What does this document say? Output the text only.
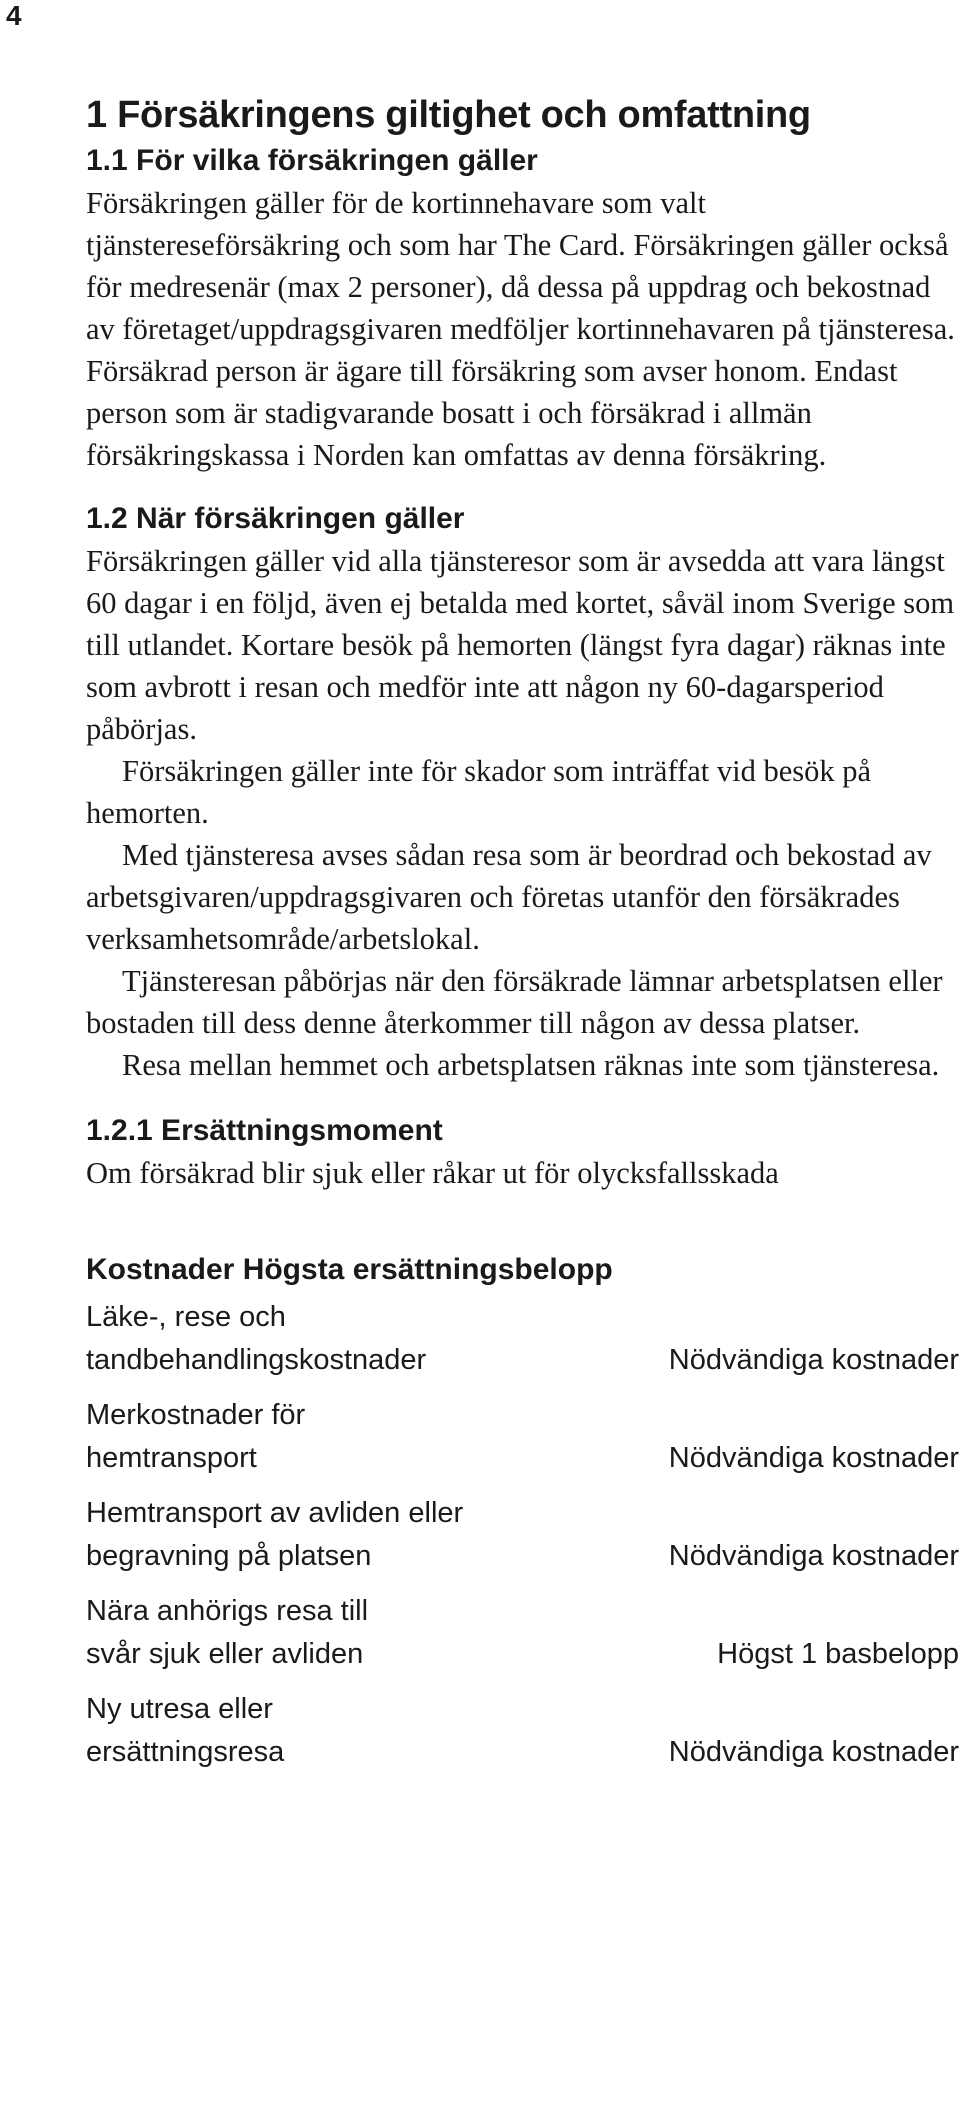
4
1 Försäkringens giltighet och omfattning
1.1 För vilka försäkringen gäller

Försäkringen gäller för de kortinnehavare som valt tjänstereseförsäkring och som har The Card. Försäkringen gäller också för medresenär (max 2 personer), då dessa på uppdrag och bekostnad av företaget/uppdragsgivaren medföljer kortinnehavaren på tjänsteresa. Försäkrad person är ägare till försäkring som avser honom. Endast person som är stadigvarande bosatt i och försäkrad i allmän försäkringskassa i Norden kan omfattas av denna försäkring.

1.2 När försäkringen gäller

Försäkringen gäller vid alla tjänsteresor som är avsedda att vara längst 60 dagar i en följd, även ej betalda med kortet, såväl inom Sverige som till utlandet. Kortare besök på hemorten (längst fyra dagar) räknas inte som avbrott i resan och medför inte att någon ny 60-dagarsperiod påbörjas.

Försäkringen gäller inte för skador som inträffat vid besök på hemorten.

Med tjänsteresa avses sådan resa som är beordrad och bekostad av arbetsgivaren/uppdragsgivaren och företas utanför den försäkrades verksamhetsområde/arbetslokal.

Tjänsteresan påbörjas när den försäkrade lämnar arbetsplatsen eller bostaden till dess denne återkommer till någon av dessa platser.

Resa mellan hemmet och arbetsplatsen räknas inte som tjänsteresa.

1.2.1 Ersättningsmoment

Om försäkrad blir sjuk eller råkar ut för olycksfallsskada

Kostnader Högsta ersättningsbelopp
Läke-, rese och
tandbehandlingskostnader	Nödvändiga kostnader
Merkostnader för
hemtransport	Nödvändiga kostnader
Hemtransport av avliden eller
begravning på platsen	Nödvändiga kostnader
Nära anhörigs resa till
svår sjuk eller avliden	Högst 1 basbelopp
Ny utresa eller
ersättningsresa	Nödvändiga kostnader
